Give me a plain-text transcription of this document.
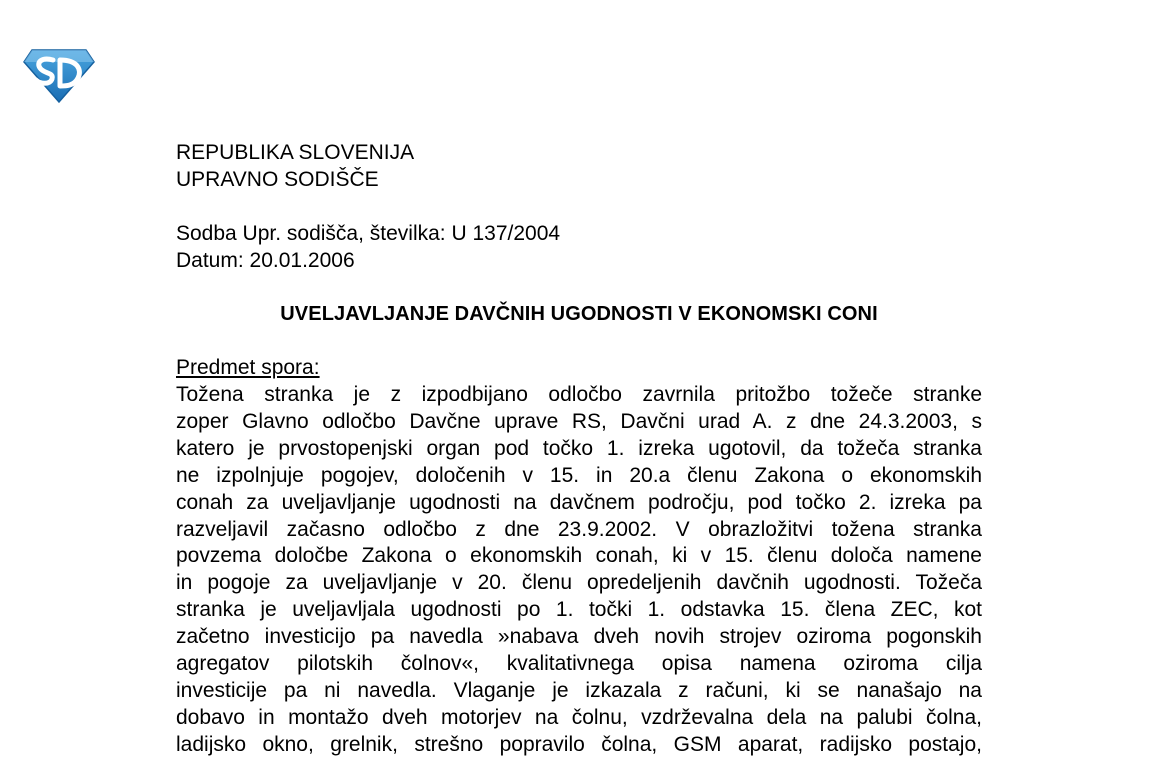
REPUBLIKA SLOVENIJA
UPRAVNO SODIŠČE
Sodba Upr. sodišča, številka: U 137/2004
Datum: 20.01.2006
UVELJAVLJANJE DAVČNIH UGODNOSTI V EKONOMSKI CONI
Predmet spora:
Tožena stranka je z izpodbijano odločbo zavrnila pritožbo tožeče stranke
zoper Glavno odločbo Davčne uprave RS, Davčni urad A. z dne 24.3.2003, s
katero je prvostopenjski organ pod točko 1. izreka ugotovil, da tožeča stranka
ne izpolnjuje pogojev, določenih v 15. in 20.a členu Zakona o ekonomskih
conah za uveljavljanje ugodnosti na davčnem področju, pod točko 2. izreka pa
razveljavil začasno odločbo z dne 23.9.2002. V obrazložitvi tožena stranka
povzema določbe Zakona o ekonomskih conah, ki v 15. členu določa namene
in pogoje za uveljavljanje v 20. členu opredeljenih davčnih ugodnosti. Tožeča
stranka je uveljavljala ugodnosti po 1. točki 1. odstavka 15. člena ZEC, kot
začetno investicijo pa navedla »nabava dveh novih strojev oziroma pogonskih
agregatov pilotskih čolnov«, kvalitativnega opisa namena oziroma cilja
investicije pa ni navedla. Vlaganje je izkazala z računi, ki se nanašajo na
dobavo in montažo dveh motorjev na čolnu, vzdrževalna dela na palubi čolna,
ladijsko okno, grelnik, strešno popravilo čolna, GSM aparat, radijsko postajo,
